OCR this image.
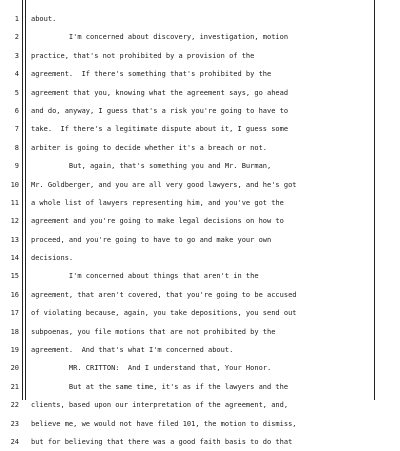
1 about.
2 I'm concerned about discovery, investigation, motion
3 practice, that's not prohibited by a provision of the
4 agreement.  If there's something that's prohibited by the
5 agreement that you, knowing what the agreement says, go ahead
6 and do, anyway, I guess that's a risk you're going to have to
7 take.  If there's a legitimate dispute about it, I guess some
8 arbiter is going to decide whether it's a breach or not.
9 But, again, that's something you and Mr. Burman,
10 Mr. Goldberger, and you are all very good lawyers, and he's got
11 a whole list of lawyers representing him, and you've got the
12 agreement and you're going to make legal decisions on how to
13 proceed, and you're going to have to go and make your own
14 decisions.
15 I'm concerned about things that aren't in the
16 agreement, that aren't covered, that you're going to be accused
17 of violating because, again, you take depositions, you send out
18 subpoenas, you file motions that are not prohibited by the
19 agreement.  And that's what I'm concerned about.
20 MR. CRITTON:  And I understand that, Your Honor.
21 But at the same time, it's as if the lawyers and the
22 clients, based upon our interpretation of the agreement, and,
23 believe me, we would not have filed 101, the motion to dismiss,
24 but for believing that there was a good faith basis to do that
